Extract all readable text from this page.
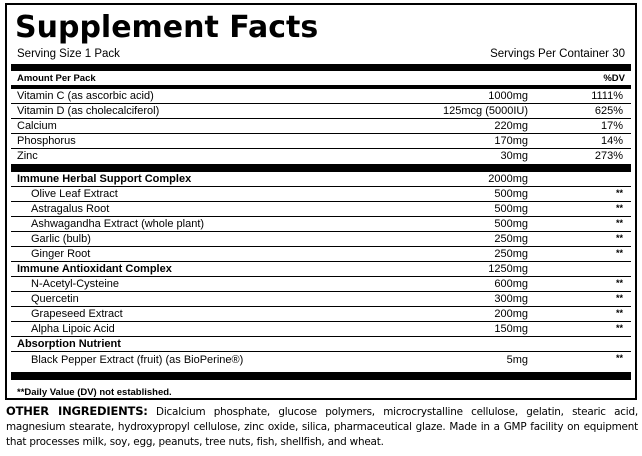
Supplement Facts
Serving Size 1 Pack	Servings Per Container 30
Amount Per Pack	%DV
Vitamin C (as ascorbic acid)	1000mg	1111%
Vitamin D (as cholecalciferol)	125mcg (5000IU)	625%
Calcium	220mg	17%
Phosphorus	170mg	14%
Zinc	30mg	273%
Immune Herbal Support Complex	2000mg
Olive Leaf Extract	500mg	**
Astragalus Root	500mg	**
Ashwagandha Extract (whole plant)	500mg	**
Garlic (bulb)	250mg	**
Ginger Root	250mg	**
Immune Antioxidant Complex	1250mg
N-Acetyl-Cysteine	600mg	**
Quercetin	300mg	**
Grapeseed Extract	200mg	**
Alpha Lipoic Acid	150mg	**
Absorption Nutrient
Black Pepper Extract (fruit) (as BioPerine®)	5mg	**
**Daily Value (DV) not established.
OTHER INGREDIENTS: Dicalcium phosphate, glucose polymers, microcrystalline cellulose, gelatin, stearic acid, magnesium stearate, hydroxypropyl cellulose, zinc oxide, silica, pharmaceutical glaze. Made in a GMP facility on equipment that processes milk, soy, egg, peanuts, tree nuts, fish, shellfish, and wheat.
